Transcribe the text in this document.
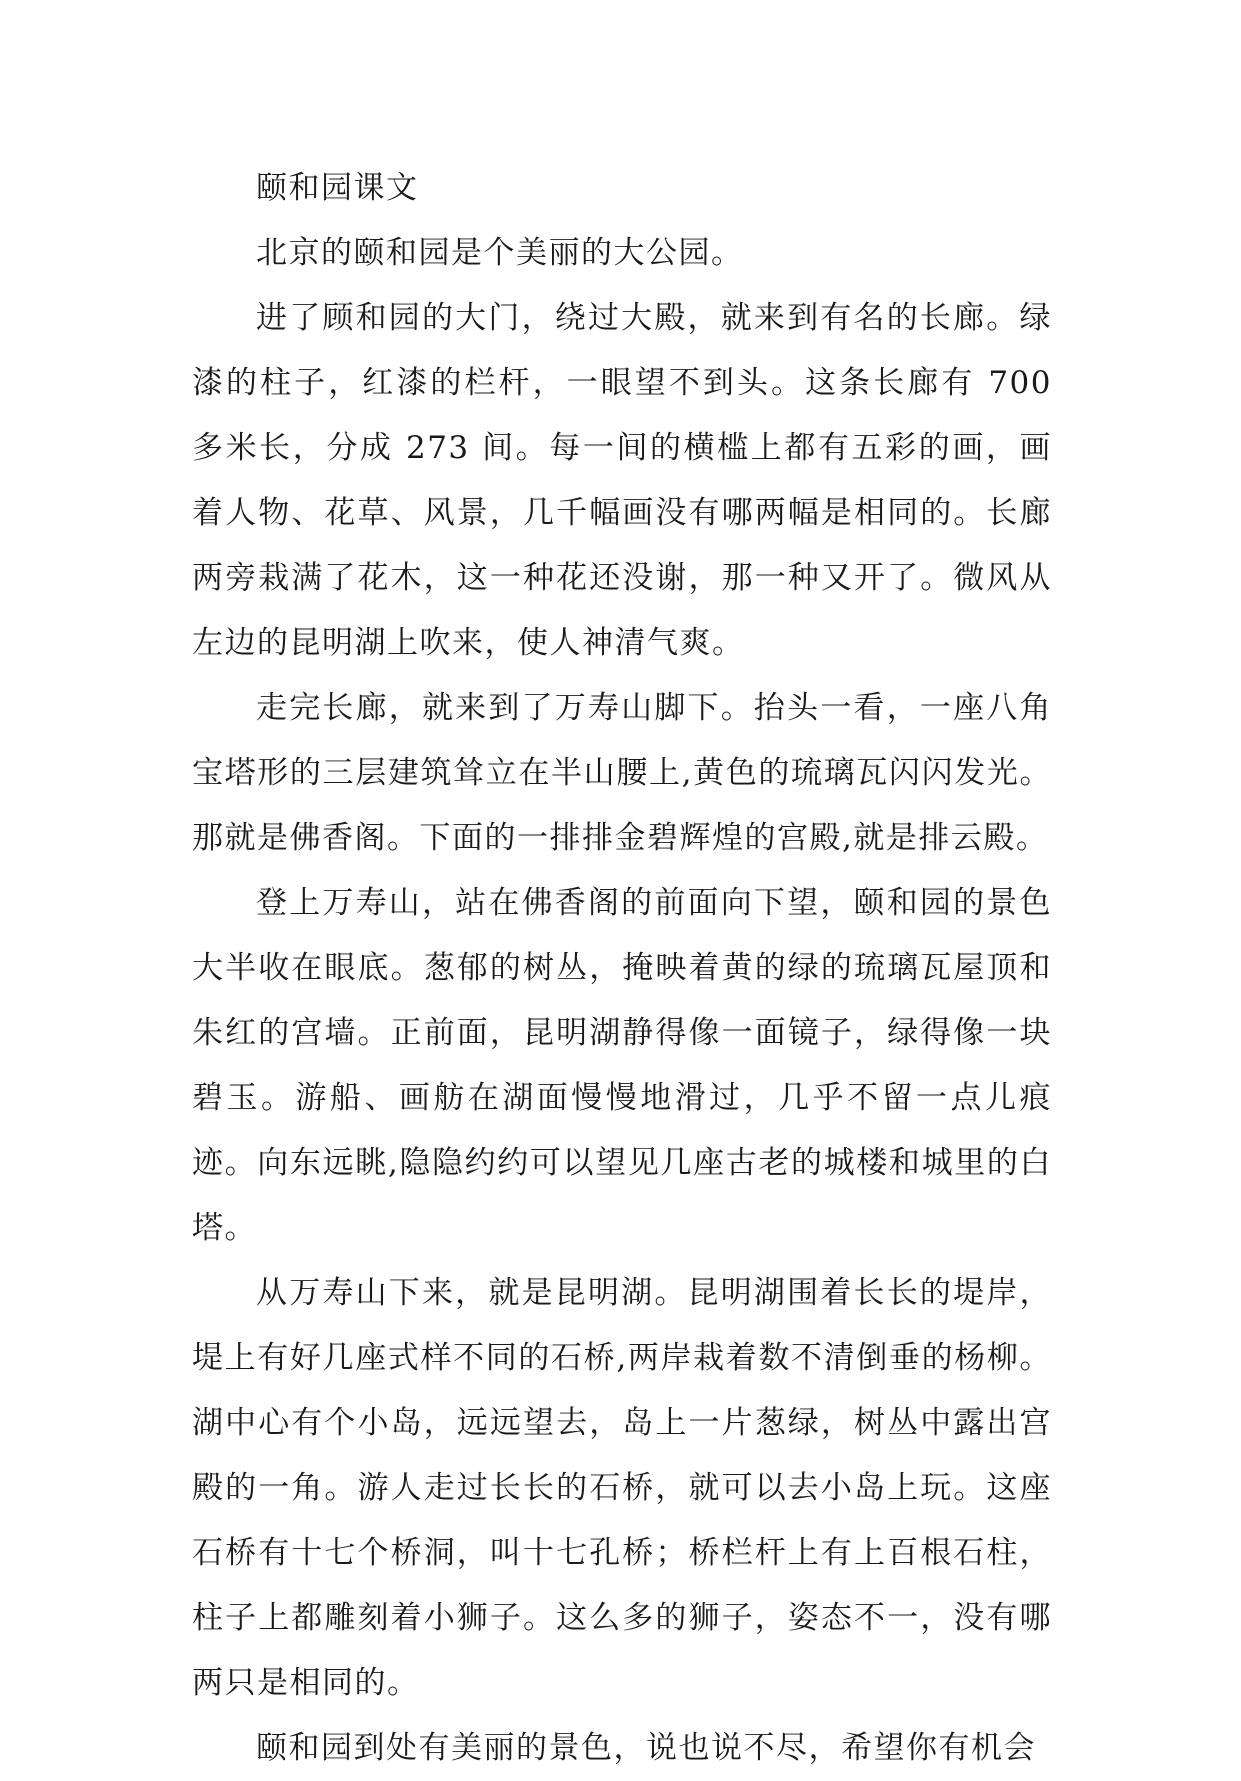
颐和园课文

北京的颐和园是个美丽的大公园。

进了顾和园的大门，绕过大殿，就来到有名的长廊。绿漆的柱子，红漆的栏杆，一眼望不到头。这条长廊有 700 多米长，分成 273 间。每一间的横槛上都有五彩的画，画着人物、花草、风景，几千幅画没有哪两幅是相同的。长廊两旁栽满了花木，这一种花还没谢，那一种又开了。微风从左边的昆明湖上吹来，使人神清气爽。

走完长廊，就来到了万寿山脚下。抬头一看，一座八角宝塔形的三层建筑耸立在半山腰上,黄色的琉璃瓦闪闪发光。那就是佛香阁。下面的一排排金碧辉煌的宫殿,就是排云殿。

登上万寿山，站在佛香阁的前面向下望，颐和园的景色大半收在眼底。葱郁的树丛，掩映着黄的绿的琉璃瓦屋顶和朱红的宫墙。正前面，昆明湖静得像一面镜子，绿得像一块碧玉。游船、画舫在湖面慢慢地滑过，几乎不留一点儿痕迹。向东远眺,隐隐约约可以望见几座古老的城楼和城里的白塔。

从万寿山下来，就是昆明湖。昆明湖围着长长的堤岸，堤上有好几座式样不同的石桥,两岸栽着数不清倒垂的杨柳。湖中心有个小岛，远远望去，岛上一片葱绿，树丛中露出宫殿的一角。游人走过长长的石桥，就可以去小岛上玩。这座石桥有十七个桥洞，叫十七孔桥；桥栏杆上有上百根石柱，柱子上都雕刻着小狮子。这么多的狮子，姿态不一，没有哪两只是相同的。

颐和园到处有美丽的景色，说也说不尽，希望你有机会
